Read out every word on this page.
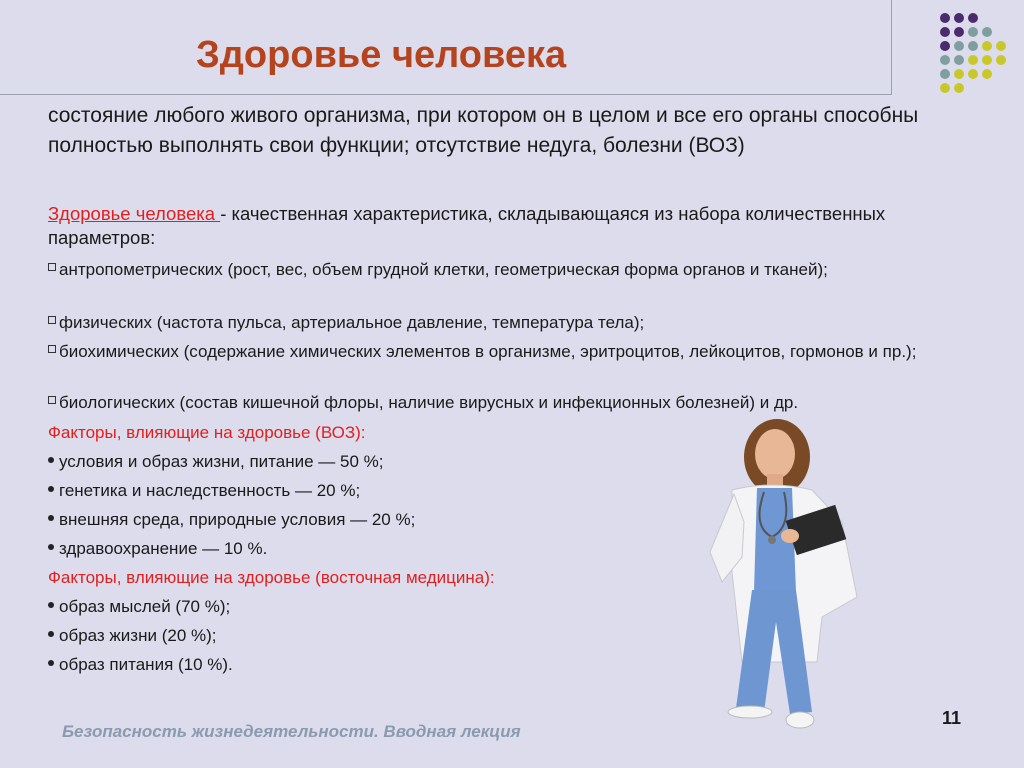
Здоровье человека
состояние любого живого организма, при котором он в целом и все его органы способны полностью выполнять свои функции; отсутствие недуга, болезни (ВОЗ)
Здоровье человека - качественная характеристика, складывающаяся из набора количественных параметров:
антропометрических (рост, вес, объем грудной клетки, геометрическая форма органов и тканей);
физических (частота пульса, артериальное давление, температура тела);
биохимических (содержание химических элементов в организме, эритроцитов, лейкоцитов, гормонов и пр.);
биологических (состав кишечной флоры, наличие вирусных и инфекционных болезней) и др.
Факторы, влияющие на здоровье (ВОЗ):
условия и образ жизни, питание — 50 %;
генетика и наследственность — 20 %;
внешняя среда, природные условия — 20 %;
здравоохранение — 10 %.
Факторы, влияющие на здоровье (восточная медицина):
образ мыслей (70 %);
образ жизни (20 %);
образ питания (10 %).
Безопасность жизнедеятельности. Вводная лекция
11
